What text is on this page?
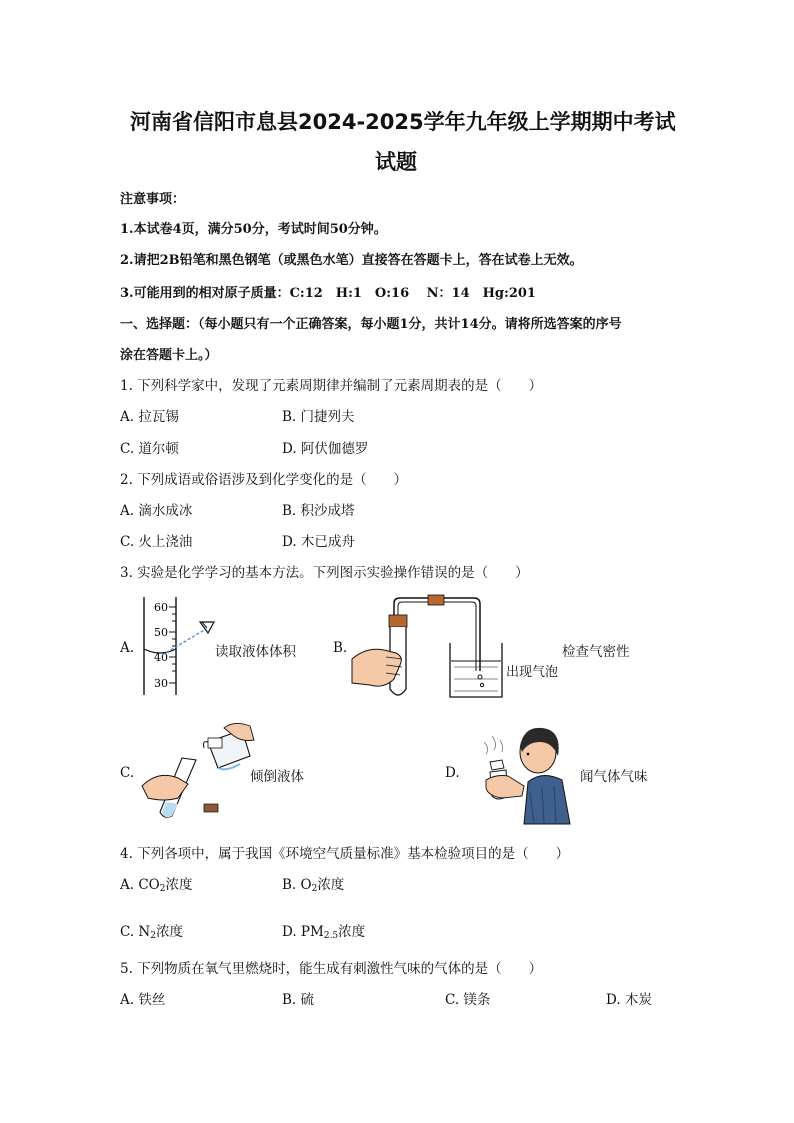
河南省信阳市息县2024-2025学年九年级上学期期中考试
试题
注意事项：
1.本试卷4页，满分50分，考试时间50分钟。
2.请把2B铅笔和黑色钢笔（或黑色水笔）直接答在答题卡上，答在试卷上无效。
3.可能用到的相对原子质量：C:12　H:1　O:16　 N：14　Hg:201
一、选择题：（每小题只有一个正确答案，每小题1分，共计14分。请将所选答案的序号
涂在答题卡上。）
1. 下列科学家中，发现了元素周期律并编制了元素周期表的是（　　）
A. 拉瓦锡	B. 门捷列夫
C. 道尔顿	D. 阿伏伽德罗
2. 下列成语或俗语涉及到化学变化的是（　　）
A. 滴水成冰	B. 积沙成塔
C. 火上浇油	D. 木已成舟
3. 实验是化学学习的基本方法。下列图示实验操作错误的是（　　）
A.
60
50
40
30
读取液体体积	B.
出现气泡
检查气密性
C.	倾倒液体	D.	闻气体气味
4. 下列各项中，属于我国《环境空气质量标准》基本检验项目的是（　　）
A. $CO_2$浓度	B. $O_2$浓度
C. $N_2$浓度	D. $PM_{2.5}$浓度
5. 下列物质在氧气里燃烧时，能生成有刺激性气味的气体的是（　　）
A. 铁丝	B. 硫	C. 镁条	D. 木炭
